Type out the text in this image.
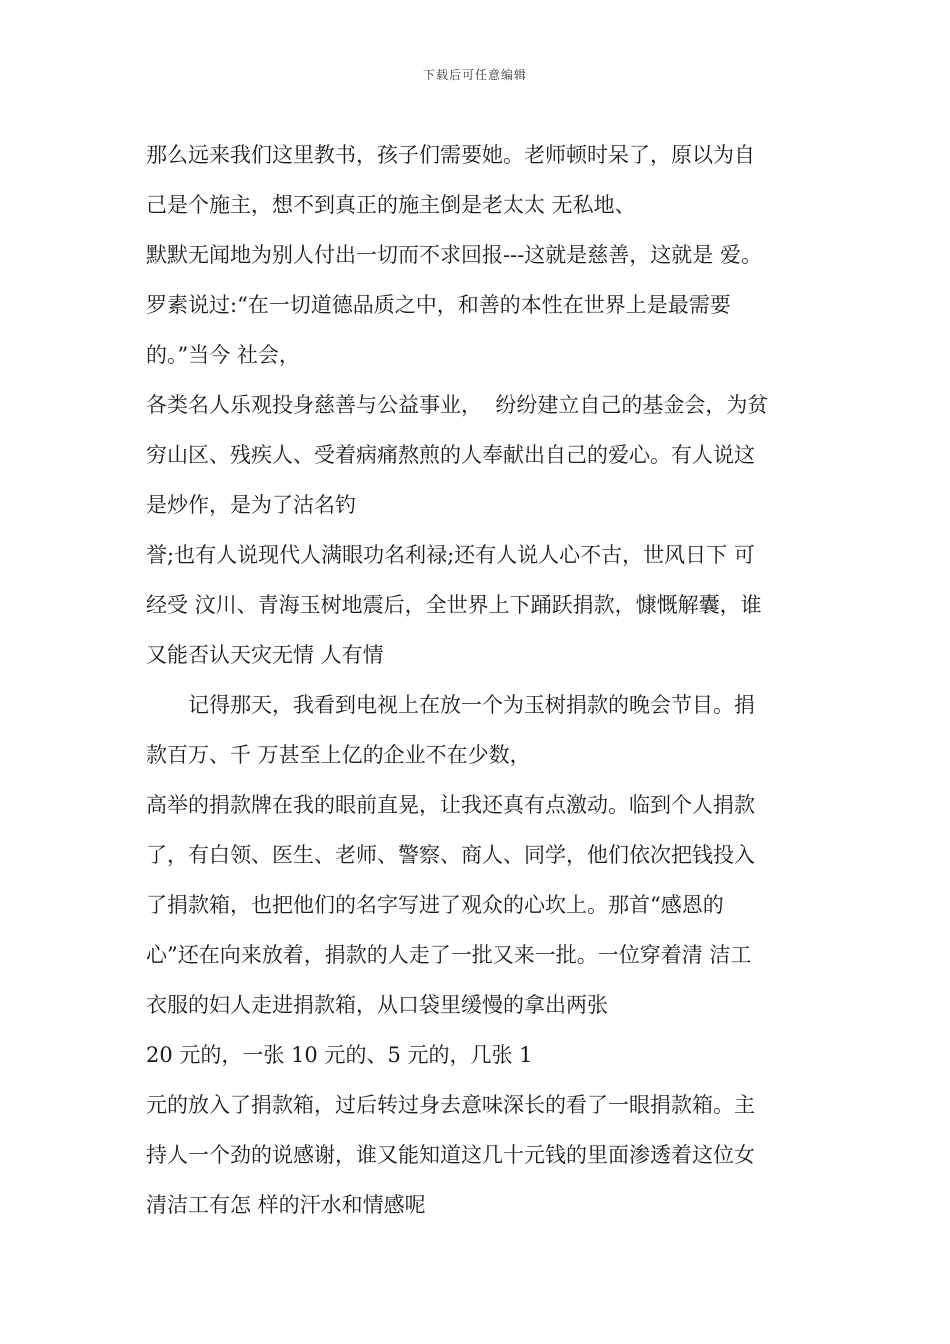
下载后可任意编辑
那么远来我们这里教书，孩子们需要她。老师顿时呆了，原以为自
己是个施主，想不到真正的施主倒是老太太 无私地、
默默无闻地为别人付出一切而不求回报---这就是慈善，这就是 爱。
罗素说过:“在一切道德品质之中，和善的本性在世界上是最需要
的。”当今 社会，
各类名人乐观投身慈善与公益事业，  纷纷建立自己的基金会，为贫
穷山区、残疾人、受着病痛熬煎的人奉献出自己的爱心。有人说这
是炒作，是为了沽名钓
誉;也有人说现代人满眼功名利禄;还有人说人心不古，世风日下 可
经受 汶川、青海玉树地震后，全世界上下踊跃捐款，慷慨解囊，谁
又能否认天灾无情 人有情
记得那天，我看到电视上在放一个为玉树捐款的晚会节目。捐
款百万、千 万甚至上亿的企业不在少数，
高举的捐款牌在我的眼前直晃，让我还真有点激动。临到个人捐款
了，有白领、医生、老师、警察、商人、同学，他们依次把钱投入
了捐款箱，也把他们的名字写进了观众的心坎上。那首“感恩的
心”还在向来放着，捐款的人走了一批又来一批。一位穿着清 洁工
衣服的妇人走进捐款箱，从口袋里缓慢的拿出两张
20 元的，一张 10 元的、5 元的，几张 1
元的放入了捐款箱，过后转过身去意味深长的看了一眼捐款箱。主
持人一个劲的说感谢，谁又能知道这几十元钱的里面渗透着这位女
清洁工有怎 样的汗水和情感呢
